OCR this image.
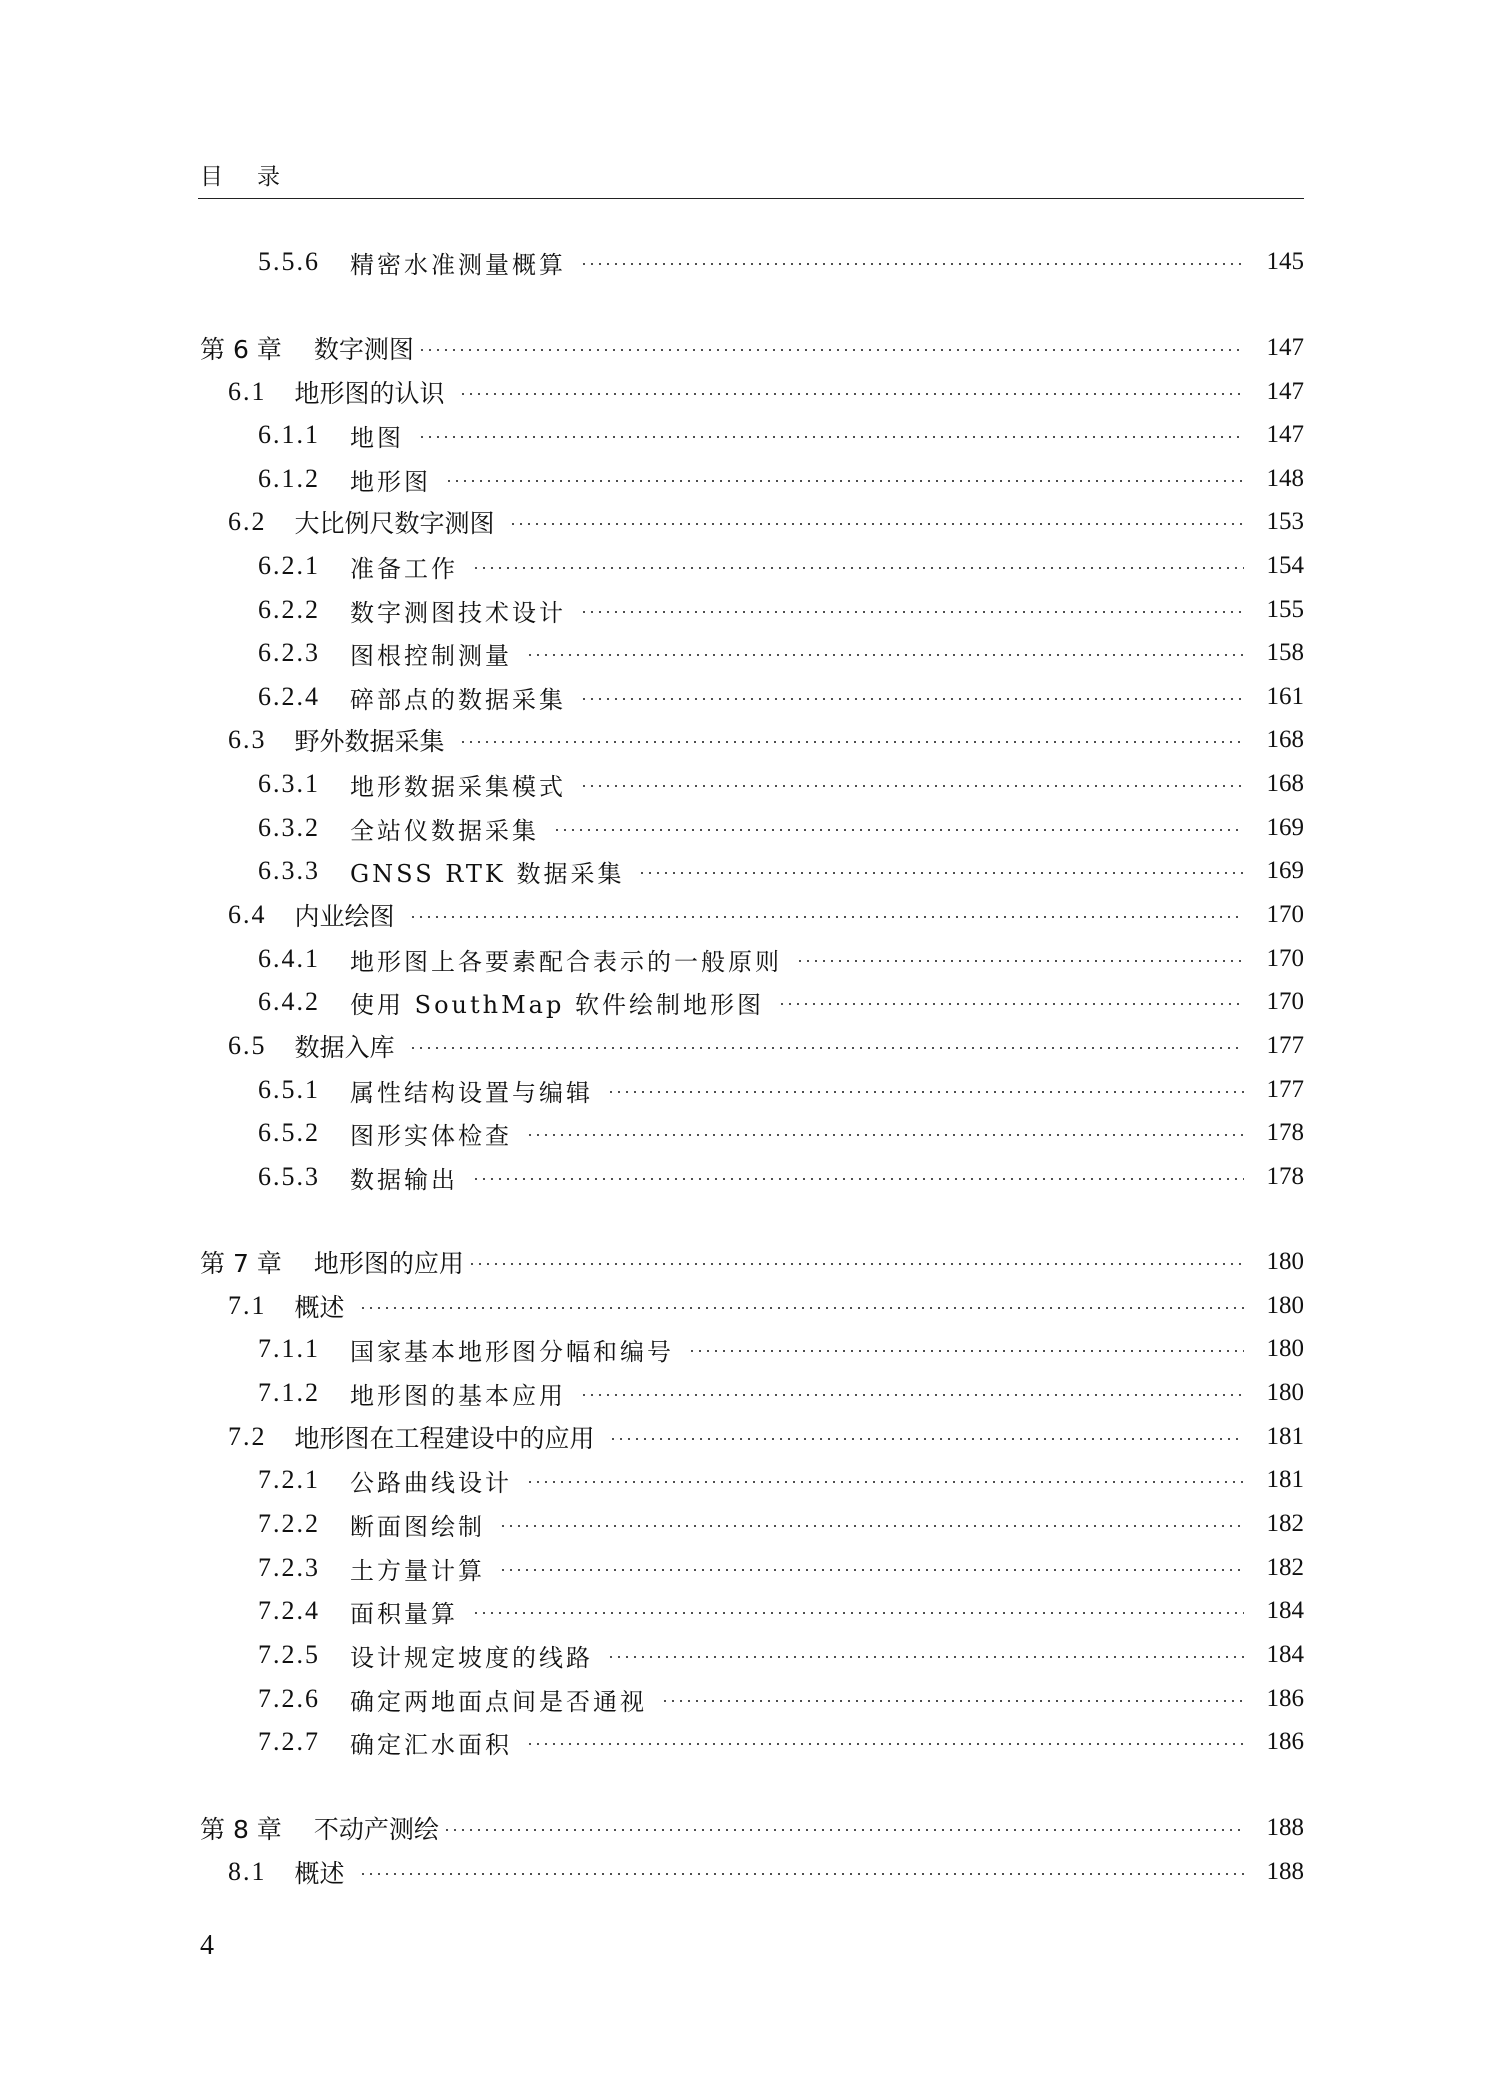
目录
5.5.6 精密水准测量概算	145
第 6 章 数字测图	147
6.1 地形图的认识	147
6.1.1 地图	147
6.1.2 地形图	148
6.2 大比例尺数字测图	153
6.2.1 准备工作	154
6.2.2 数字测图技术设计	155
6.2.3 图根控制测量	158
6.2.4 碎部点的数据采集	161
6.3 野外数据采集	168
6.3.1 地形数据采集模式	168
6.3.2 全站仪数据采集	169
6.3.3 GNSS RTK 数据采集	169
6.4 内业绘图	170
6.4.1 地形图上各要素配合表示的一般原则	170
6.4.2 使用 SouthMap 软件绘制地形图	170
6.5 数据入库	177
6.5.1 属性结构设置与编辑	177
6.5.2 图形实体检查	178
6.5.3 数据输出	178
第 7 章 地形图的应用	180
7.1 概述	180
7.1.1 国家基本地形图分幅和编号	180
7.1.2 地形图的基本应用	180
7.2 地形图在工程建设中的应用	181
7.2.1 公路曲线设计	181
7.2.2 断面图绘制	182
7.2.3 土方量计算	182
7.2.4 面积量算	184
7.2.5 设计规定坡度的线路	184
7.2.6 确定两地面点间是否通视	186
7.2.7 确定汇水面积	186
第 8 章 不动产测绘	188
8.1 概述	188
4
